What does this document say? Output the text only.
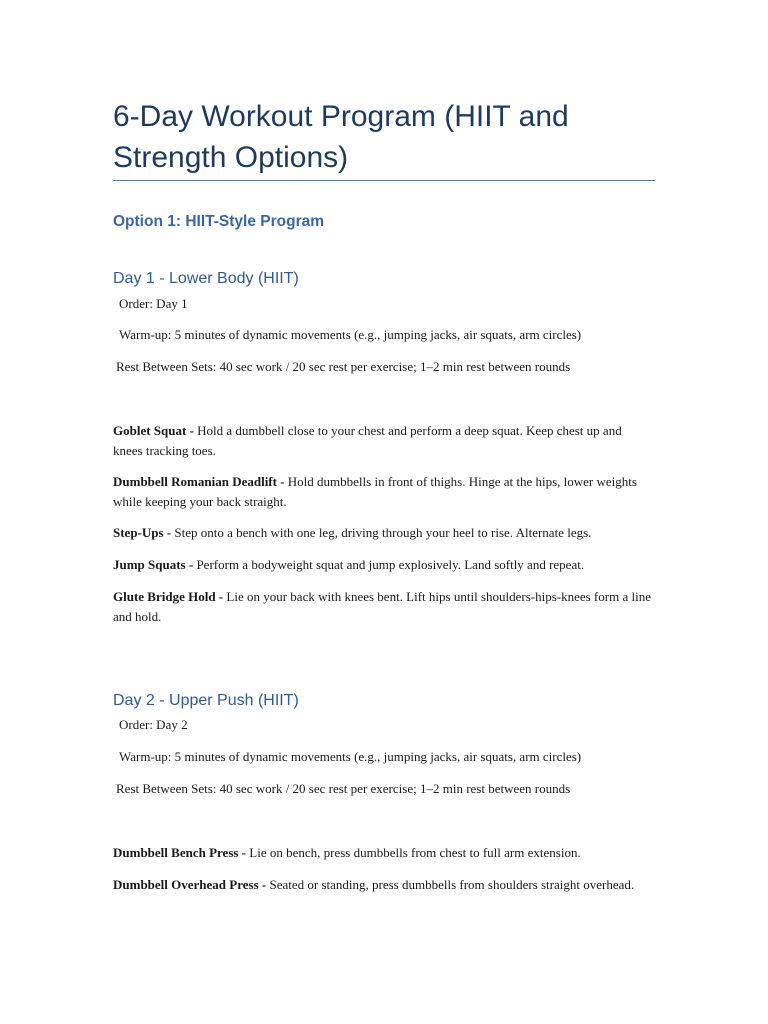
6-Day Workout Program (HIIT and Strength Options)
Option 1: HIIT-Style Program
Day 1 - Lower Body (HIIT)

Order: Day 1

Warm-up: 5 minutes of dynamic movements (e.g., jumping jacks, air squats, arm circles)

Rest Between Sets: 40 sec work / 20 sec rest per exercise; 1–2 min rest between rounds

Goblet Squat - Hold a dumbbell close to your chest and perform a deep squat. Keep chest up and knees tracking toes.

Dumbbell Romanian Deadlift - Hold dumbbells in front of thighs. Hinge at the hips, lower weights while keeping your back straight.

Step-Ups - Step onto a bench with one leg, driving through your heel to rise. Alternate legs.

Jump Squats - Perform a bodyweight squat and jump explosively. Land softly and repeat.

Glute Bridge Hold - Lie on your back with knees bent. Lift hips until shoulders-hips-knees form a line and hold.

Day 2 - Upper Push (HIIT)

Order: Day 2

Warm-up: 5 minutes of dynamic movements (e.g., jumping jacks, air squats, arm circles)

Rest Between Sets: 40 sec work / 20 sec rest per exercise; 1–2 min rest between rounds

Dumbbell Bench Press - Lie on bench, press dumbbells from chest to full arm extension.

Dumbbell Overhead Press - Seated or standing, press dumbbells from shoulders straight overhead.
